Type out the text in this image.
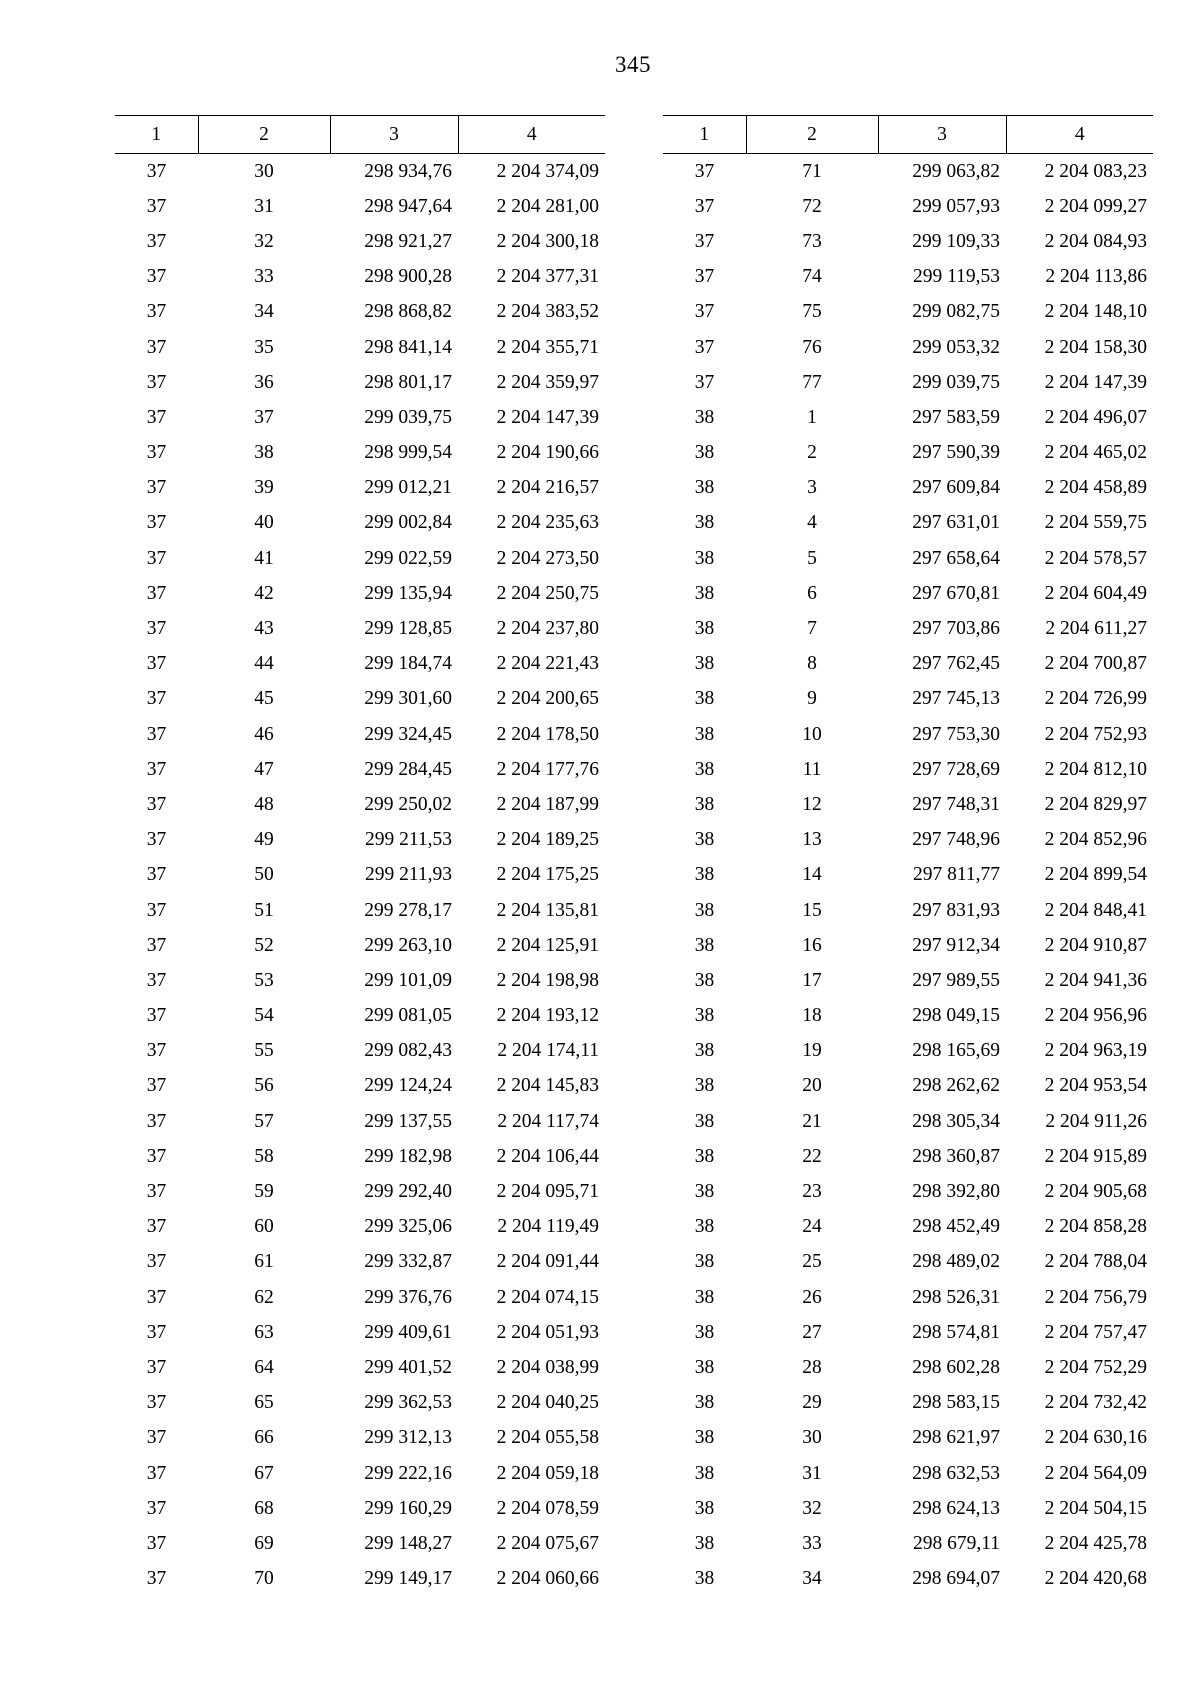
345
1	2	3	4
37	30	298 934,76	2 204 374,09
37	31	298 947,64	2 204 281,00
37	32	298 921,27	2 204 300,18
37	33	298 900,28	2 204 377,31
37	34	298 868,82	2 204 383,52
37	35	298 841,14	2 204 355,71
37	36	298 801,17	2 204 359,97
37	37	299 039,75	2 204 147,39
37	38	298 999,54	2 204 190,66
37	39	299 012,21	2 204 216,57
37	40	299 002,84	2 204 235,63
37	41	299 022,59	2 204 273,50
37	42	299 135,94	2 204 250,75
37	43	299 128,85	2 204 237,80
37	44	299 184,74	2 204 221,43
37	45	299 301,60	2 204 200,65
37	46	299 324,45	2 204 178,50
37	47	299 284,45	2 204 177,76
37	48	299 250,02	2 204 187,99
37	49	299 211,53	2 204 189,25
37	50	299 211,93	2 204 175,25
37	51	299 278,17	2 204 135,81
37	52	299 263,10	2 204 125,91
37	53	299 101,09	2 204 198,98
37	54	299 081,05	2 204 193,12
37	55	299 082,43	2 204 174,11
37	56	299 124,24	2 204 145,83
37	57	299 137,55	2 204 117,74
37	58	299 182,98	2 204 106,44
37	59	299 292,40	2 204 095,71
37	60	299 325,06	2 204 119,49
37	61	299 332,87	2 204 091,44
37	62	299 376,76	2 204 074,15
37	63	299 409,61	2 204 051,93
37	64	299 401,52	2 204 038,99
37	65	299 362,53	2 204 040,25
37	66	299 312,13	2 204 055,58
37	67	299 222,16	2 204 059,18
37	68	299 160,29	2 204 078,59
37	69	299 148,27	2 204 075,67
37	70	299 149,17	2 204 060,66
1	2	3	4
37	71	299 063,82	2 204 083,23
37	72	299 057,93	2 204 099,27
37	73	299 109,33	2 204 084,93
37	74	299 119,53	2 204 113,86
37	75	299 082,75	2 204 148,10
37	76	299 053,32	2 204 158,30
37	77	299 039,75	2 204 147,39
38	1	297 583,59	2 204 496,07
38	2	297 590,39	2 204 465,02
38	3	297 609,84	2 204 458,89
38	4	297 631,01	2 204 559,75
38	5	297 658,64	2 204 578,57
38	6	297 670,81	2 204 604,49
38	7	297 703,86	2 204 611,27
38	8	297 762,45	2 204 700,87
38	9	297 745,13	2 204 726,99
38	10	297 753,30	2 204 752,93
38	11	297 728,69	2 204 812,10
38	12	297 748,31	2 204 829,97
38	13	297 748,96	2 204 852,96
38	14	297 811,77	2 204 899,54
38	15	297 831,93	2 204 848,41
38	16	297 912,34	2 204 910,87
38	17	297 989,55	2 204 941,36
38	18	298 049,15	2 204 956,96
38	19	298 165,69	2 204 963,19
38	20	298 262,62	2 204 953,54
38	21	298 305,34	2 204 911,26
38	22	298 360,87	2 204 915,89
38	23	298 392,80	2 204 905,68
38	24	298 452,49	2 204 858,28
38	25	298 489,02	2 204 788,04
38	26	298 526,31	2 204 756,79
38	27	298 574,81	2 204 757,47
38	28	298 602,28	2 204 752,29
38	29	298 583,15	2 204 732,42
38	30	298 621,97	2 204 630,16
38	31	298 632,53	2 204 564,09
38	32	298 624,13	2 204 504,15
38	33	298 679,11	2 204 425,78
38	34	298 694,07	2 204 420,68
